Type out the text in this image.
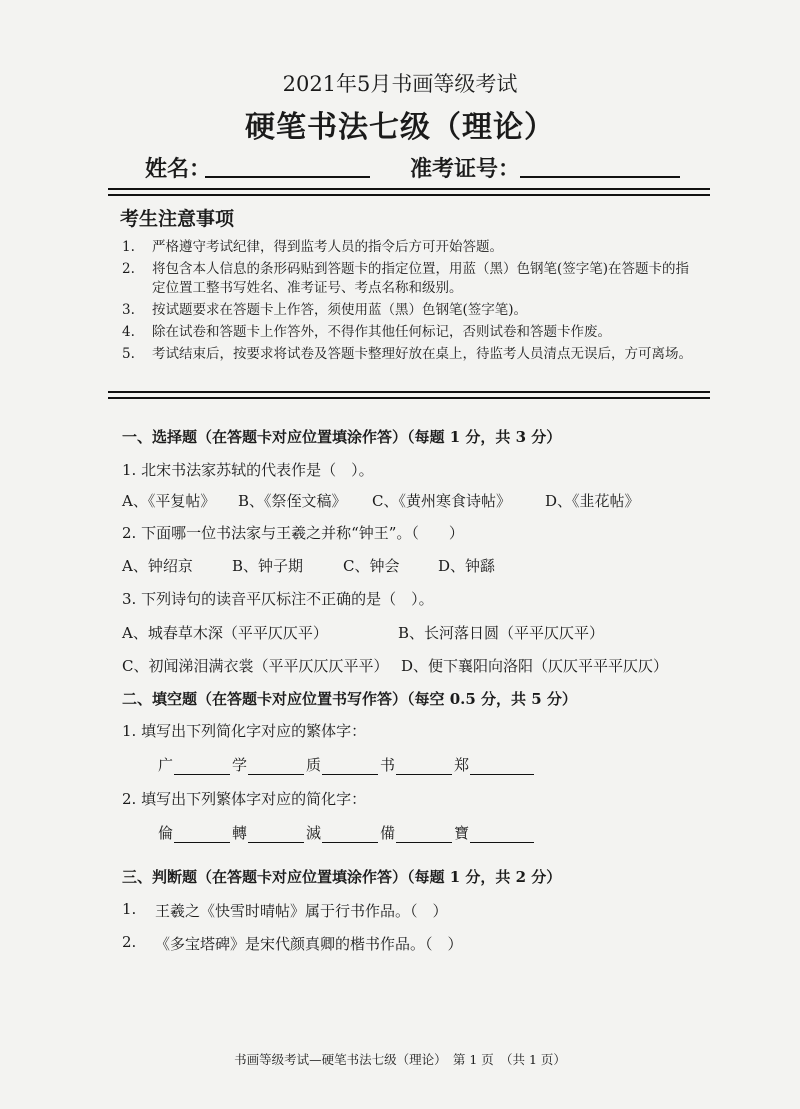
2021年5月书画等级考试
硬笔书法七级（理论）
姓名：	准考证号：
考生注意事项
1.	严格遵守考试纪律，得到监考人员的指令后方可开始答题。
2.	将包含本人信息的条形码贴到答题卡的指定位置，用蓝（黑）色钢笔(签字笔)在答题卡的指定位置工整书写姓名、准考证号、考点名称和级别。
3.	按试题要求在答题卡上作答，须使用蓝（黑）色钢笔(签字笔)。
4.	除在试卷和答题卡上作答外，不得作其他任何标记，否则试卷和答题卡作废。
5.	考试结束后，按要求将试卷及答题卡整理好放在桌上，待监考人员清点无误后，方可离场。
一、选择题（在答题卡对应位置填涂作答）（每题 1 分，共 3 分）
1. 北宋书法家苏轼的代表作是（　）。
A、《平复帖》 B、《祭侄文稿》 C、《黄州寒食诗帖》 D、《韭花帖》
2. 下面哪一位书法家与王羲之并称“钟王”。（　　）
A、钟绍京	B、钟子期	C、钟会	D、钟繇
3. 下列诗句的读音平仄标注不正确的是（　）。
A、城春草木深（平平仄仄平）	B、长河落日圆（平平仄仄平）
C、初闻涕泪满衣裳（平平仄仄仄平平） D、便下襄阳向洛阳（仄仄平平平仄仄）
二、填空题（在答题卡对应位置书写作答）（每空 0.5 分，共 5 分）
1. 填写出下列简化字对应的繁体字：
广	学	质	书	郑
2. 填写出下列繁体字对应的简化字：
倫	轉	滅	備	寶
三、判断题（在答题卡对应位置填涂作答）（每题 1 分，共 2 分）
1. 王羲之《快雪时晴帖》属于行书作品。（　）
2. 《多宝塔碑》是宋代颜真卿的楷书作品。（　）
书画等级考试—硬笔书法七级（理论）　第 1 页　（共 1 页）
